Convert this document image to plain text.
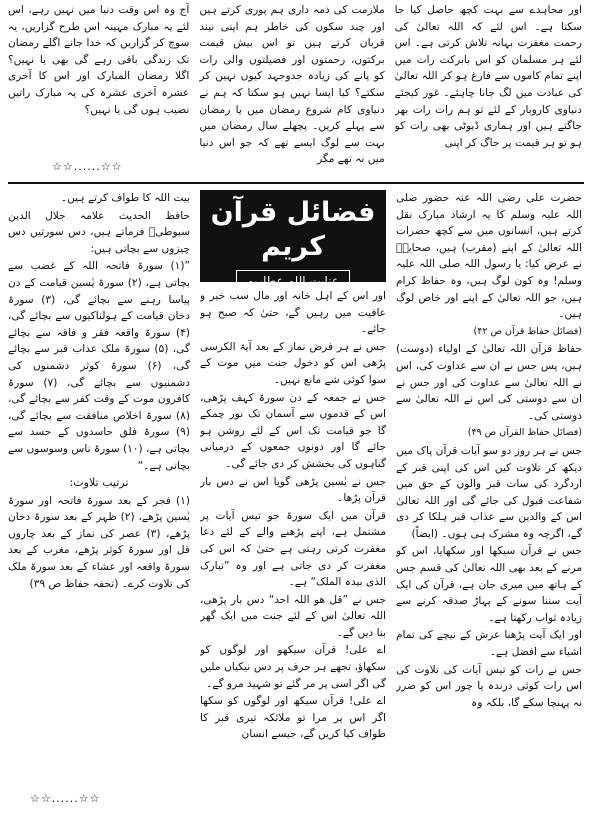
اور مجاہدے سے بہت کچھ حاصل کیا جا سکتا ہے۔ اس لئے کہ اللہ تعالیٰ کی رحمت مغفرت بہانہ تلاش کرتی ہے۔ اس لئے ہر مسلمان کو اس بابرکت رات میں اپنے تمام کاموں سے فارغ ہو کر اللہ تعالیٰ کی عبادت میں لگ جانا چاہئے۔ غور کیجئے دنیاوی کاروبار کے لئے تو ہم رات رات بھر جاگتے ہیں اور ہماری ڈیوٹی بھی رات کو ہو تو ہر قیمت پر جاگ کر اپنی

ملازمت کی ذمہ داری ہم پوری کرتے ہیں اور چند سکوں کی خاطر ہم اپنی نیند قربان کرتے ہیں تو اس بیش قیمت برکتوں، رحمتوں اور فضیلتوں والی رات کو پانے کی زیادہ جدوجہد کیوں نہیں کر سکتے؟ کیا ایسا نہیں ہو سکتا کہ ہم نے دنیاوی کام شروع رمضان میں یا رمضان سے پہلے کریں۔ پچھلے سال رمضان میں بہت سے لوگ ایسے تھے کہ جو اس دنیا میں نہ تھے مگر

آج وہ اس وقت دنیا میں نہیں رہے، اس لئے یہ مبارک مہینہ اس طرح گزاریں، یہ سوچ کر گزاریں کہ خدا جانے اگلے رمضان تک زندگی باقی رہے گی بھی یا نہیں؟ اگلا رمضان المبارک اور اس کا آخری عشرہ آخری عشرہ کی یہ مبارک راتیں نصیب ہوں گی یا نہیں؟

☆☆......☆☆

حضرت علی رضی اللہ عنہ حضور صلی اللہ علیہ وسلم کا یہ ارشاد مبارک نقل کرتے ہیں، انسانوں میں سے کچھ حضرات اللہ تعالیٰ کے اپنے (مقرب) ہیں، صحابہؓ نے عرض کیا: یا رسول اللہ صلی اللہ علیہ وسلم! وہ کون لوگ ہیں، وہ حفاظ کرام ہیں، جو اللہ تعالیٰ کے اپنے اور خاص لوگ ہیں۔

(فضائل حفاظ قرآن ص ۴۲)

حفاظ قرآن اللہ تعالیٰ کے اولیاء (دوست) ہیں، پس جس نے ان سے عداوت کی، اس نے اللہ تعالیٰ سے عداوت کی اور جس نے ان سے دوستی کی اس نے اللہ تعالیٰ سے دوستی کی۔

(فضائل حفاظ القرآن ص ۴۹)

جس نے ہر روز دو سو آیات قرآن پاک میں دیکھ کر تلاوت کیں اس کی اپنی قبر کے اردگرد کی سات قبر والوں کے حق میں شفاعت قبول کی جائے گی اور اللہ تعالیٰ اس کے والدین سے عذاب قبر ہلکا کر دی گے، اگرچہ وہ مشرک ہی ہوں۔ (ایضاً)

جس نے قرآن سیکھا اور سکھایا، اس کو مرنے کے بعد بھی اللہ تعالیٰ کی قسم جس کے ہاتھ میں میری جان ہے، قرآن کی ایک آیت سننا سونے کے پہاڑ صدقہ کرنے سے زیادہ ثواب رکھتا ہے۔

اور ایک آیت پڑھنا عرش کے نیچے کی تمام اشیاء سے افضل ہے۔

جس نے رات کو تیس آیات کی تلاوت کی اس رات کوئی درندہ یا چور اس کو ضرر نہ پہنچا سکے گا، بلکہ وہ

فضائل قرآن کریم
عنایت اللہ عطاریہ

اور اس کے اہل خانہ اور مال سب خیر و عافیت میں رہیں گے، حتیٰ کہ صبح ہو جائے۔

جس نے ہر فرض نماز کے بعد آیۃ الکرسی پڑھی اس کو دخول جنت میں موت کے سوا کوئی شے مانع نہیں۔

جس نے جمعہ کے دن سورۃ کہف پڑھی، اس کے قدموں سے آسمان تک نور چمکے گا جو قیامت تک اس کے لئے روشن ہو جائے گا اور دونوں جمعوں کے درمیانی گناہوں کی بخشش کر دی جائے گی۔

جس نے یٰسین پڑھی گویا اس نے دس بار قرآن پڑھا۔

قرآن میں ایک سورۃ جو تیس آیات پر مشتمل ہے، اپنے پڑھنے والے کے لئے دعا مغفرت کرتی رہتی ہے حتیٰ کہ اس کی مغفرت کر دی جاتی ہے اور وہ ”تبارک الذی بیدہ الملک“ ہے۔

جس نے ”قل ھو اللہ احد“ دس بار پڑھی، اللہ تعالیٰ اس کے لئے جنت میں ایک گھر بنا دیں گے۔

اے علی! قرآن سیکھو اور لوگوں کو سکھاؤ، تجھے ہر حرف پر دس نیکیاں ملیں گی اگر اسی پر مر گئے تو شہید مرو گے۔

اے علی! قرآن سیکھ اور لوگوں کو سکھا اگر اس پر مرا تو ملائکہ تیری قبر کا طواف کیا کریں گے، جیسے انسان

بیت اللہ کا طواف کرتے ہیں۔

حافظ الحدیث علامہ جلال الدین سیوطیؒ فرماتے ہیں، دس سورتیں دس چیزوں سے بچاتی ہیں:

”(۱) سورۃ فاتحہ اللہ کے غضب سے بچاتی ہے، (۲) سورۃ یٰسین قیامت کے دن پیاسا رہنے سے بچائے گی، (۳) سورۃ دخان قیامت کے ہولناکیوں سے بچائے گی، (۴) سورۃ واقعہ فقر و فاقہ سے بچائے گی، (۵) سورۃ ملک عذاب قبر سے بچائے گی، (۶) سورۃ کوثر دشمنوں کی دشمنیوں سے بچائے گی، (۷) سورۃ کافرون موت کے وقت کفر سے بچائے گی، (۸) سورۃ اخلاص منافقت سے بچائے گی، (۹) سورۃ فلق حاسدوں کے حسد سے بچاتی ہے، (۱۰) سورۃ ناس وسوسوں سے بچاتی ہے۔“

ترتیب تلاوت:

(۱) فجر کے بعد سورۃ فاتحہ اور سورۃ یٰسین پڑھے، (۲) ظہر کے بعد سورۃ دخان پڑھے، (۳) عصر کی نماز کے بعد چاروں قل اور سورۃ کوثر پڑھے، مغرب کے بعد سورۃ واقعہ اور عشاء کے بعد سورۃ ملک کی تلاوت کرے۔ (تحفہ حفاظ ص ۳۹)

☆☆......☆☆
